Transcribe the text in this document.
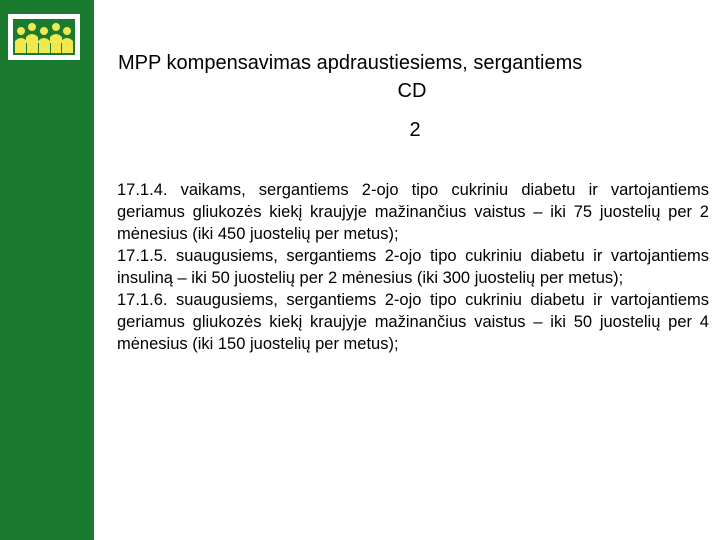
MPP kompensavimas apdraustiesiems, sergantiems
CD
2

17.1.4. vaikams, sergantiems 2-ojo tipo cukriniu diabetu ir vartojantiems geriamus gliukozės kiekį kraujyje mažinančius vaistus – iki 75 juostelių per 2 mėnesius (iki 450 juostelių per metus);

17.1.5. suaugusiems, sergantiems 2-ojo tipo cukriniu diabetu ir vartojantiems insuliną – iki 50 juostelių per 2 mėnesius (iki 300 juostelių per metus);

17.1.6. suaugusiems, sergantiems 2-ojo tipo cukriniu diabetu ir vartojantiems geriamus gliukozės kiekį kraujyje mažinančius vaistus – iki 50 juostelių per 4 mėnesius (iki 150 juostelių per metus);
